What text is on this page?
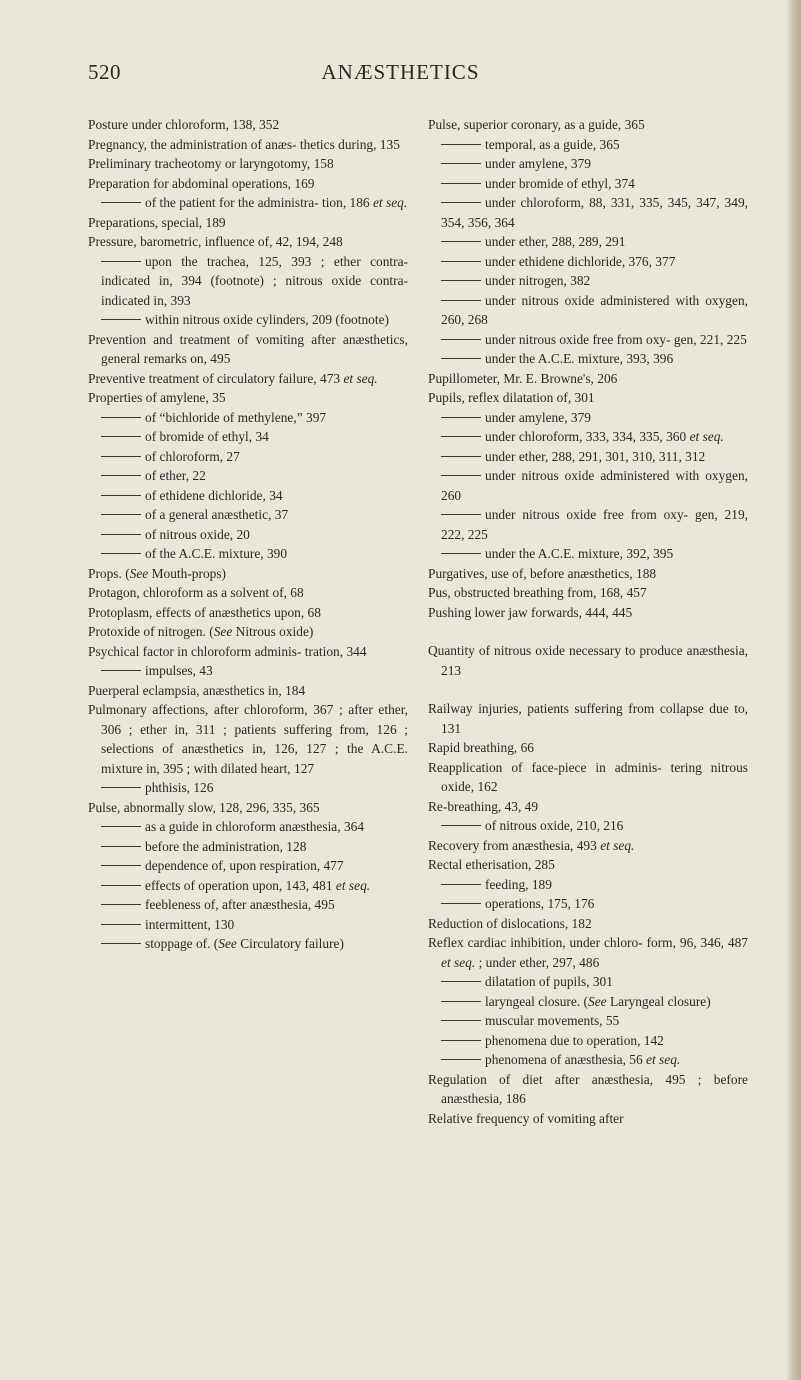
520	ANÆSTHETICS
Posture under chloroform, 138, 352
Pregnancy, the administration of anæs- thetics during, 135
Preliminary tracheotomy or laryngotomy, 158
Preparation for abdominal operations, 169
of the patient for the administra- tion, 186 et seq.
Preparations, special, 189
Pressure, barometric, influence of, 42, 194, 248
upon the trachea, 125, 393 ; ether contra-indicated in, 394 (footnote) ; nitrous oxide contra-indicated in, 393
within nitrous oxide cylinders, 209 (footnote)
Prevention and treatment of vomiting after anæsthetics, general remarks on, 495
Preventive treatment of circulatory failure, 473 et seq.
Properties of amylene, 35
of “bichloride of methylene,” 397
of bromide of ethyl, 34
of chloroform, 27
of ether, 22
of ethidene dichloride, 34
of a general anæsthetic, 37
of nitrous oxide, 20
of the A.C.E. mixture, 390
Props. (See Mouth-props)
Protagon, chloroform as a solvent of, 68
Protoplasm, effects of anæsthetics upon, 68
Protoxide of nitrogen. (See Nitrous oxide)
Psychical factor in chloroform adminis- tration, 344
impulses, 43
Puerperal eclampsia, anæsthetics in, 184
Pulmonary affections, after chloroform, 367 ; after ether, 306 ; ether in, 311 ; patients suffering from, 126 ; selections of anæsthetics in, 126, 127 ; the A.C.E. mixture in, 395 ; with dilated heart, 127
phthisis, 126
Pulse, abnormally slow, 128, 296, 335, 365
as a guide in chloroform anæsthesia, 364
before the administration, 128
dependence of, upon respiration, 477
effects of operation upon, 143, 481 et seq.
feebleness of, after anæsthesia, 495
intermittent, 130
stoppage of. (See Circulatory failure)
Pulse, superior coronary, as a guide, 365
temporal, as a guide, 365
under amylene, 379
under bromide of ethyl, 374
under chloroform, 88, 331, 335, 345, 347, 349, 354, 356, 364
under ether, 288, 289, 291
under ethidene dichloride, 376, 377
under nitrogen, 382
under nitrous oxide administered with oxygen, 260, 268
under nitrous oxide free from oxy- gen, 221, 225
under the A.C.E. mixture, 393, 396
Pupillometer, Mr. E. Browne's, 206
Pupils, reflex dilatation of, 301
under amylene, 379
under chloroform, 333, 334, 335, 360 et seq.
under ether, 288, 291, 301, 310, 311, 312
under nitrous oxide administered with oxygen, 260
under nitrous oxide free from oxy- gen, 219, 222, 225
under the A.C.E. mixture, 392, 395
Purgatives, use of, before anæsthetics, 188
Pus, obstructed breathing from, 168, 457
Pushing lower jaw forwards, 444, 445
Quantity of nitrous oxide necessary to produce anæsthesia, 213
Railway injuries, patients suffering from collapse due to, 131
Rapid breathing, 66
Reapplication of face-piece in adminis- tering nitrous oxide, 162
Re-breathing, 43, 49
of nitrous oxide, 210, 216
Recovery from anæsthesia, 493 et seq.
Rectal etherisation, 285
feeding, 189
operations, 175, 176
Reduction of dislocations, 182
Reflex cardiac inhibition, under chloro- form, 96, 346, 487 et seq. ; under ether, 297, 486
dilatation of pupils, 301
laryngeal closure. (See Laryngeal closure)
muscular movements, 55
phenomena due to operation, 142
phenomena of anæsthesia, 56 et seq.
Regulation of diet after anæsthesia, 495 ; before anæsthesia, 186
Relative frequency of vomiting after
